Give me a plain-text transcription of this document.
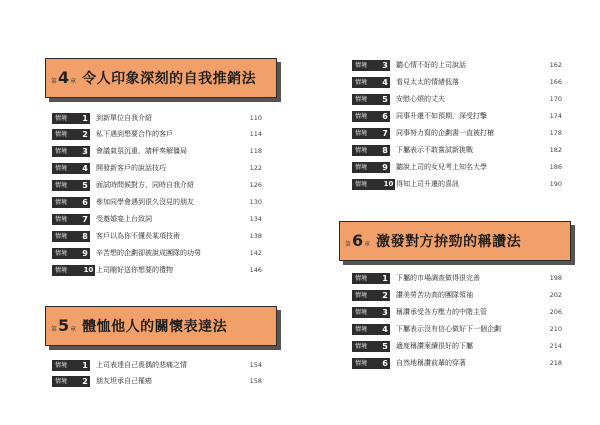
第 4 章 令人印象深刻的自我推銷法
情境	1	到新單位自我介紹	110
情境	2	私下遇到想要合作的客戶	114
情境	3	會議氣氛沉重，請秤奏解僵局	118
情境	4	開發新客戶的說話技巧	122
情境	5	面試時問候對方，同時自我介紹	126
情境	6	參加同學會遇到很久沒見的朋友	130
情境	7	受邀婚宴上台致詞	134
情境	8	客戶以為你不懂長某項技術	138
情境	9	辛苦想的企劃卻被說成團隊的功勞	142
情境	10 上司剛好送你想要的禮物	146
第 5 章 體恤他人的關懷表達法
情境	1	上司表達自己喪偶的悲痛之情	154
情境	2	朋友坦承自己罹癌	158
情境	3	聽心情不好的上司說話	162
情境	4	看見太太的情緒低落	166
情境	5	安慰心煩的丈夫	170
情境	6	同事升遷不如預期，深受打擊	174
情境	7	同事努力寫的企劃書一直被打槍	178
情境	8	下屬表示不敢嘗試新挑戰	182
情境	9	聽說上司的女兒考上知名大學	186
情境	10 得知上司升遷的喜訊	190
第 6 章 激發對方拚勁的稱讚法
情境	1	下屬的市場調查做得很完善	198
情境	2	讚美勞苦功高的團隊領袖	202
情境	3	稱讚承受各方壓力的中階主管	206
情境	4	下屬表示沒有信心做好下一個企劃	210
情境	5	適度稱讚案續很好的下屬	214
情境	6	自然地稱讚前輩的穿著	218
